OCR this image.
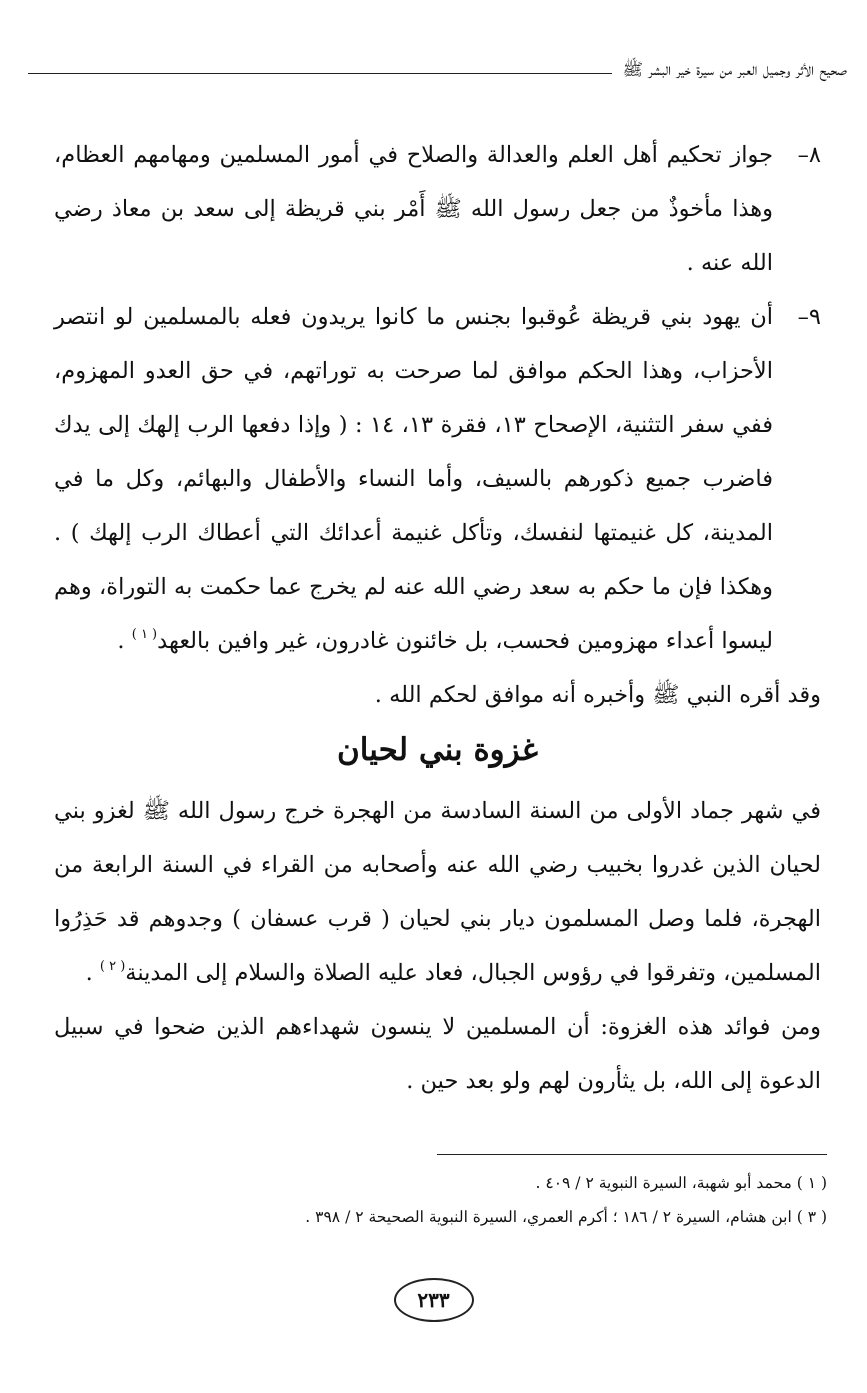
صحيح الأثر وجميل العبر من سيرة خير البشر ﷺ
٨–
جواز تحكيم أهل العلم والعدالة والصلاح في أمور المسلمين ومهامهم العظام، وهذا مأخوذٌ من جعل رسول الله ﷺ أَمْر بني قريظة إلى سعد بن معاذ رضي الله عنه .
٩–
أن يهود بني قريظة عُوقبوا بجنس ما كانوا يريدون فعله بالمسلمين لو انتصر الأحزاب، وهذا الحكم موافق لما صرحت به توراتهم، في حق العدو المهزوم، ففي سفر التثنية، الإصحاح ١٣، فقرة ١٣، ١٤ : ( وإذا دفعها الرب إلهك إلى يدك فاضرب جميع ذكورهم بالسيف، وأما النساء والأطفال والبهائم، وكل ما في المدينة، كل غنيمتها لنفسك، وتأكل غنيمة أعدائك التي أعطاك الرب إلهك ) . وهكذا فإن ما حكم به سعد رضي الله عنه لم يخرج عما حكمت به التوراة، وهم ليسوا أعداء مهزومين فحسب، بل خائنون غادرون، غير وافين بالعهد$^{( ١ )}$ .

وقد أقره النبي ﷺ وأخبره أنه موافق لحكم الله .

غزوة بني لحيان

في شهر جماد الأولى من السنة السادسة من الهجرة خرج رسول الله ﷺ لغزو بني لحيان الذين غدروا بخبيب رضي الله عنه وأصحابه من القراء في السنة الرابعة من الهجرة، فلما وصل المسلمون ديار بني لحيان ( قرب عسفان ) وجدوهم قد حَذِرُوا المسلمين، وتفرقوا في رؤوس الجبال، فعاد عليه الصلاة والسلام إلى المدينة$^{( ٢ )}$ .

ومن فوائد هذه الغزوة: أن المسلمين لا ينسون شهداءهم الذين ضحوا في سبيل الدعوة إلى الله، بل يثأرون لهم ولو بعد حين .

( ١ ) محمد أبو شهبة، السيرة النبوية ٢ / ٤٠٩ .

( ٣ ) ابن هشام، السيرة ٢ / ١٨٦ ؛ أكرم العمري، السيرة النبوية الصحيحة ٢ / ٣٩٨ .

٢٣٣
